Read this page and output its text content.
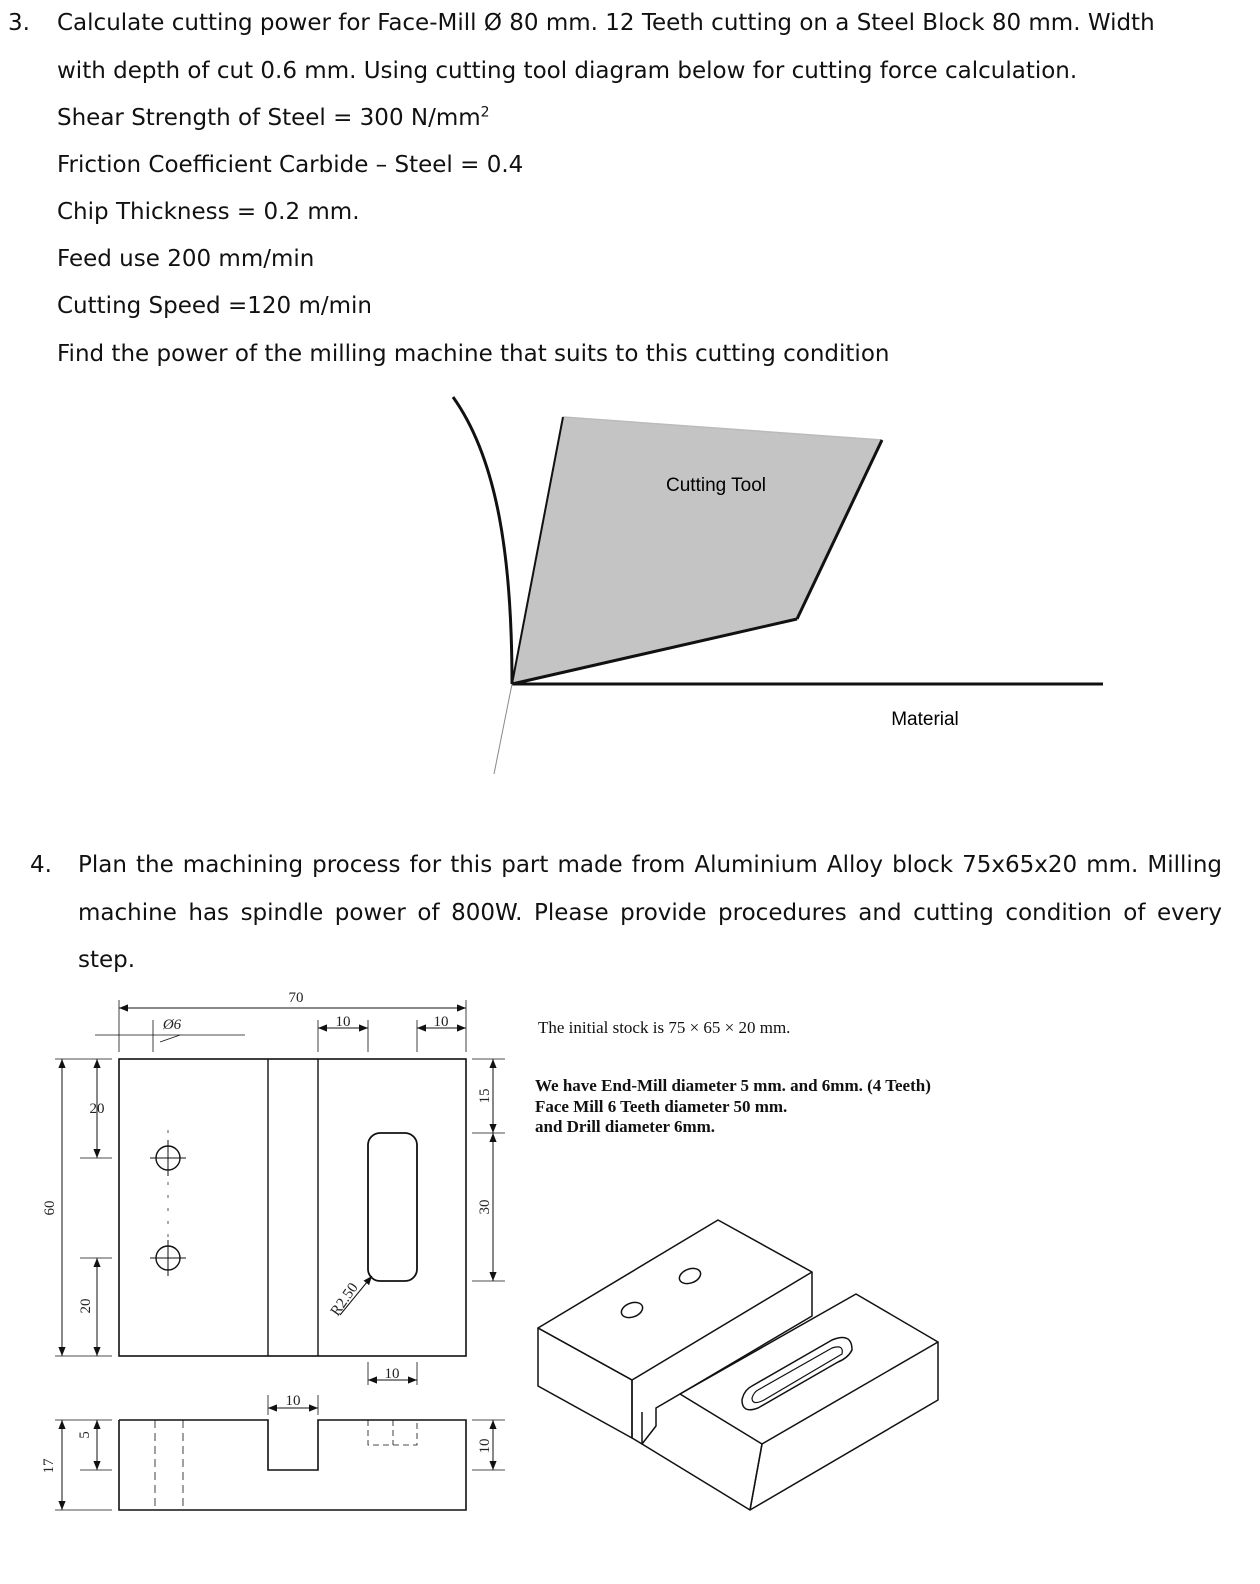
3. Calculate cutting power for Face-Mill Ø 80 mm. 12 Teeth cutting on a Steel Block 80 mm. Width
with depth of cut 0.6 mm. Using cutting tool diagram below for cutting force calculation.
Shear Strength of Steel = 300 $N/mm^2$
Friction Coefficient Carbide – Steel = 0.4
Chip Thickness = 0.2 mm.
Feed use 200 mm/min
Cutting Speed =120 m/min
Find the power of the milling machine that suits to this cutting condition
Cutting Tool
Material
4. Plan the machining process for this part made from Aluminium Alloy block 75x65x20 mm. Milling
machine has spindle power of 800W. Please provide procedures and cutting condition of every
step.
The initial stock is 75 × 65 × 20 mm.
We have End-Mill diameter 5 mm. and 6mm. (4 Teeth)
Face Mill 6 Teeth diameter 50 mm.
and Drill diameter 6mm.
70
Ø6	10	10
20
60
20
15
30
R2.50
10
10
5
17
10
